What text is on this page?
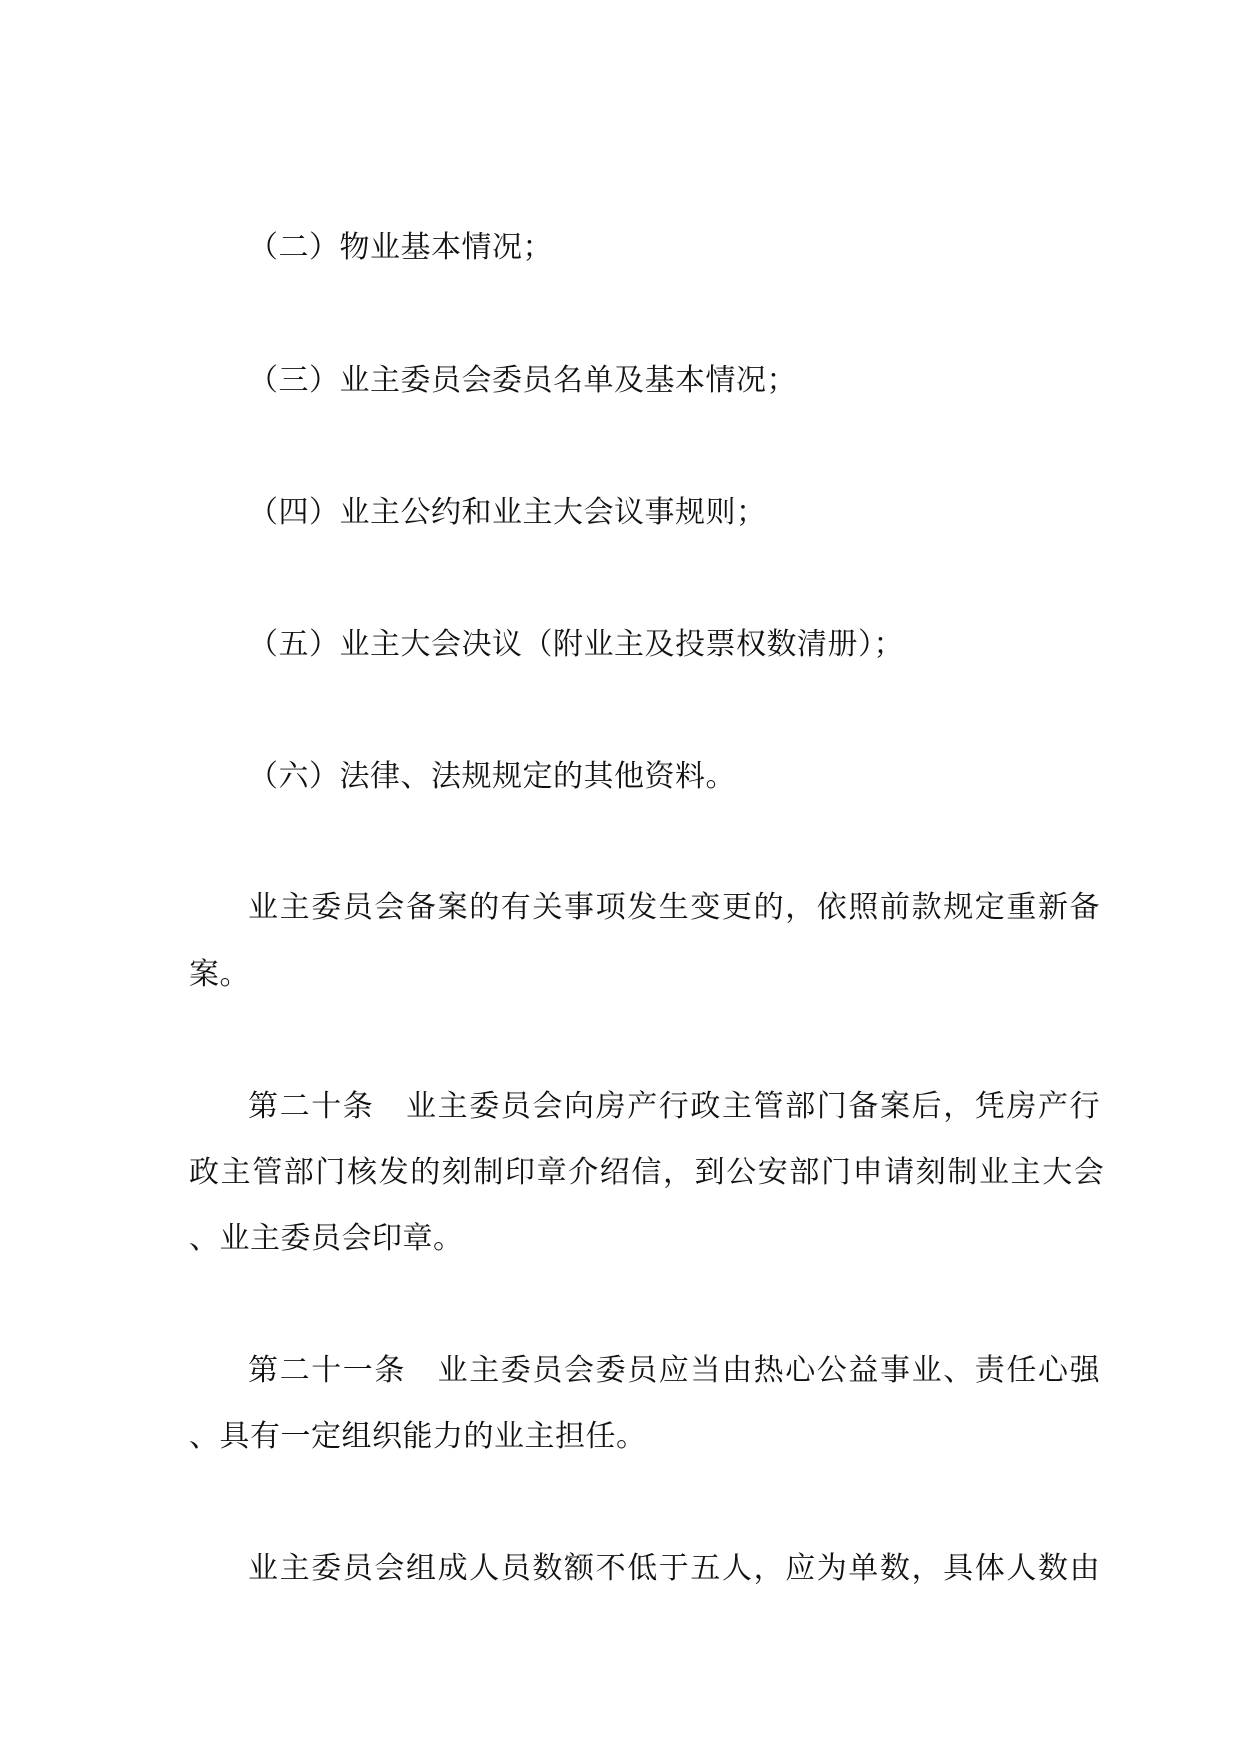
（二）物业基本情况；
（三）业主委员会委员名单及基本情况；
（四）业主公约和业主大会议事规则；
（五）业主大会决议（附业主及投票权数清册）；
（六）法律、法规规定的其他资料。
业主委员会备案的有关事项发生变更的，依照前款规定重新备
案。
第二十条　业主委员会向房产行政主管部门备案后，凭房产行
政主管部门核发的刻制印章介绍信，到公安部门申请刻制业主大会
、业主委员会印章。
第二十一条　业主委员会委员应当由热心公益事业、责任心强
、具有一定组织能力的业主担任。
业主委员会组成人员数额不低于五人，应为单数，具体人数由
